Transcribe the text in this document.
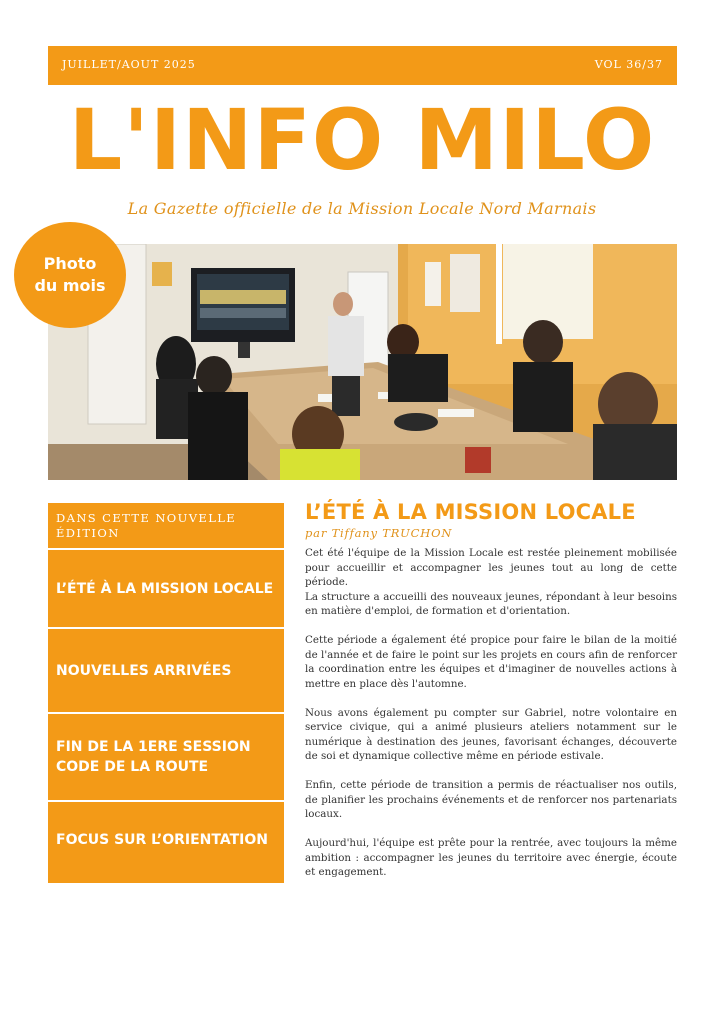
JUILLET/AOUT 2025	VOL 36/37
L'INFO MILO
La Gazette officielle de la Mission Locale Nord Marnais
Photo
du mois
DANS CETTE NOUVELLE ÉDITION
L’ÉTÉ À LA MISSION LOCALE
NOUVELLES ARRIVÉES
FIN DE LA 1ERE SESSION CODE DE LA ROUTE
FOCUS SUR L’ORIENTATION
L’ÉTÉ À LA MISSION LOCALE
par Tiffany TRUCHON

Cet été l'équipe de la Mission Locale est restée pleinement mobilisée pour accueillir et accompagner les jeunes tout au long de cette période.
La structure a accueilli des nouveaux jeunes, répondant à leur besoins en matière d'emploi, de formation et d'orientation.

Cette période a également été propice pour faire le bilan de la moitié de l'année et de faire le point sur les projets en cours afin de renforcer la coordination entre les équipes et d'imaginer de nouvelles actions à mettre en place dès l'automne.

Nous avons également pu compter sur Gabriel, notre volontaire en service civique, qui a animé plusieurs ateliers notamment sur le numérique à destination des jeunes, favorisant échanges, découverte de soi et dynamique collective même en période estivale.

Enfin, cette période de transition a permis de réactualiser nos outils, de planifier les prochains événements et de renforcer nos partenariats locaux.

Aujourd'hui, l'équipe est prête pour la rentrée, avec toujours la même ambition : accompagner les jeunes du territoire avec énergie, écoute et engagement.
